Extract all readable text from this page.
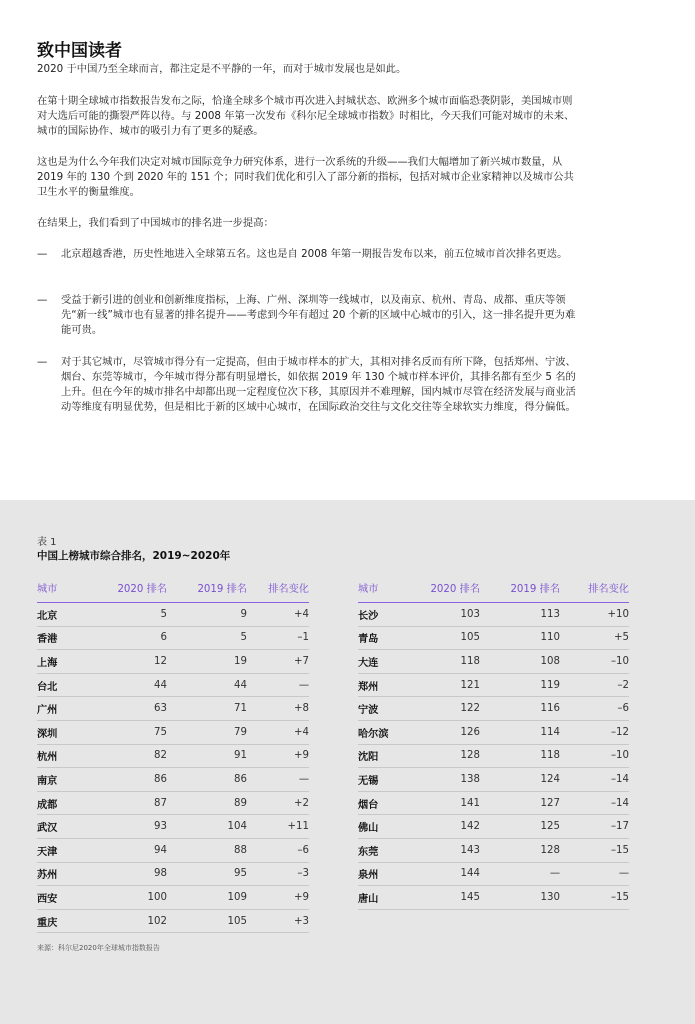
致中国读者
2020 于中国乃至全球而言，都注定是不平静的一年，而对于城市发展也是如此。
在第十期全球城市指数报告发布之际，恰逢全球多个城市再次进入封城状态、欧洲多个城市面临恐袭阴影，美国城市则对大选后可能的撕裂严阵以待。与 2008 年第一次发布《科尔尼全球城市指数》时相比，今天我们可能对城市的未来、城市的国际协作、城市的吸引力有了更多的疑惑。
这也是为什么今年我们决定对城市国际竞争力研究体系，进行一次系统的升级——我们大幅增加了新兴城市数量，从 2019 年的 130 个到 2020 年的 151 个；同时我们优化和引入了部分新的指标，包括对城市企业家精神以及城市公共卫生水平的衡量维度。
在结果上，我们看到了中国城市的排名进一步提高：
— 北京超越香港，历史性地进入全球第五名。这也是自 2008 年第一期报告发布以来，前五位城市首次排名更迭。
— 受益于新引进的创业和创新维度指标，上海、广州、深圳等一线城市，以及南京、杭州、青岛、成都、重庆等领先“新一线”城市也有显著的排名提升——考虑到今年有超过 20 个新的区域中心城市的引入，这一排名提升更为难能可贵。
— 对于其它城市，尽管城市得分有一定提高，但由于城市样本的扩大，其相对排名反而有所下降，包括郑州、宁波、烟台、东莞等城市，今年城市得分都有明显增长，如依据 2019 年 130 个城市样本评价，其排名都有至少 5 名的上升。但在今年的城市排名中却都出现一定程度位次下移，其原因并不难理解，国内城市尽管在经济发展与商业活动等维度有明显优势，但是相比于新的区域中心城市，在国际政治交往与文化交往等全球软实力维度，得分偏低。
表 1
中国上榜城市综合排名，2019~2020年
城市	2020 排名	2019 排名	排名变化
北京	5	9	+4
香港	6	5	–1
上海	12	19	+7
台北	44	44	—
广州	63	71	+8
深圳	75	79	+4
杭州	82	91	+9
南京	86	86	—
成都	87	89	+2
武汉	93	104	+11
天津	94	88	–6
苏州	98	95	–3
西安	100	109	+9
重庆	102	105	+3
城市	2020 排名	2019 排名	排名变化
长沙	103	113	+10
青岛	105	110	+5
大连	118	108	–10
郑州	121	119	–2
宁波	122	116	–6
哈尔滨	126	114	–12
沈阳	128	118	–10
无锡	138	124	–14
烟台	141	127	–14
佛山	142	125	–17
东莞	143	128	–15
泉州	144	—	—
唐山	145	130	–15
来源：科尔尼2020年全球城市指数报告
